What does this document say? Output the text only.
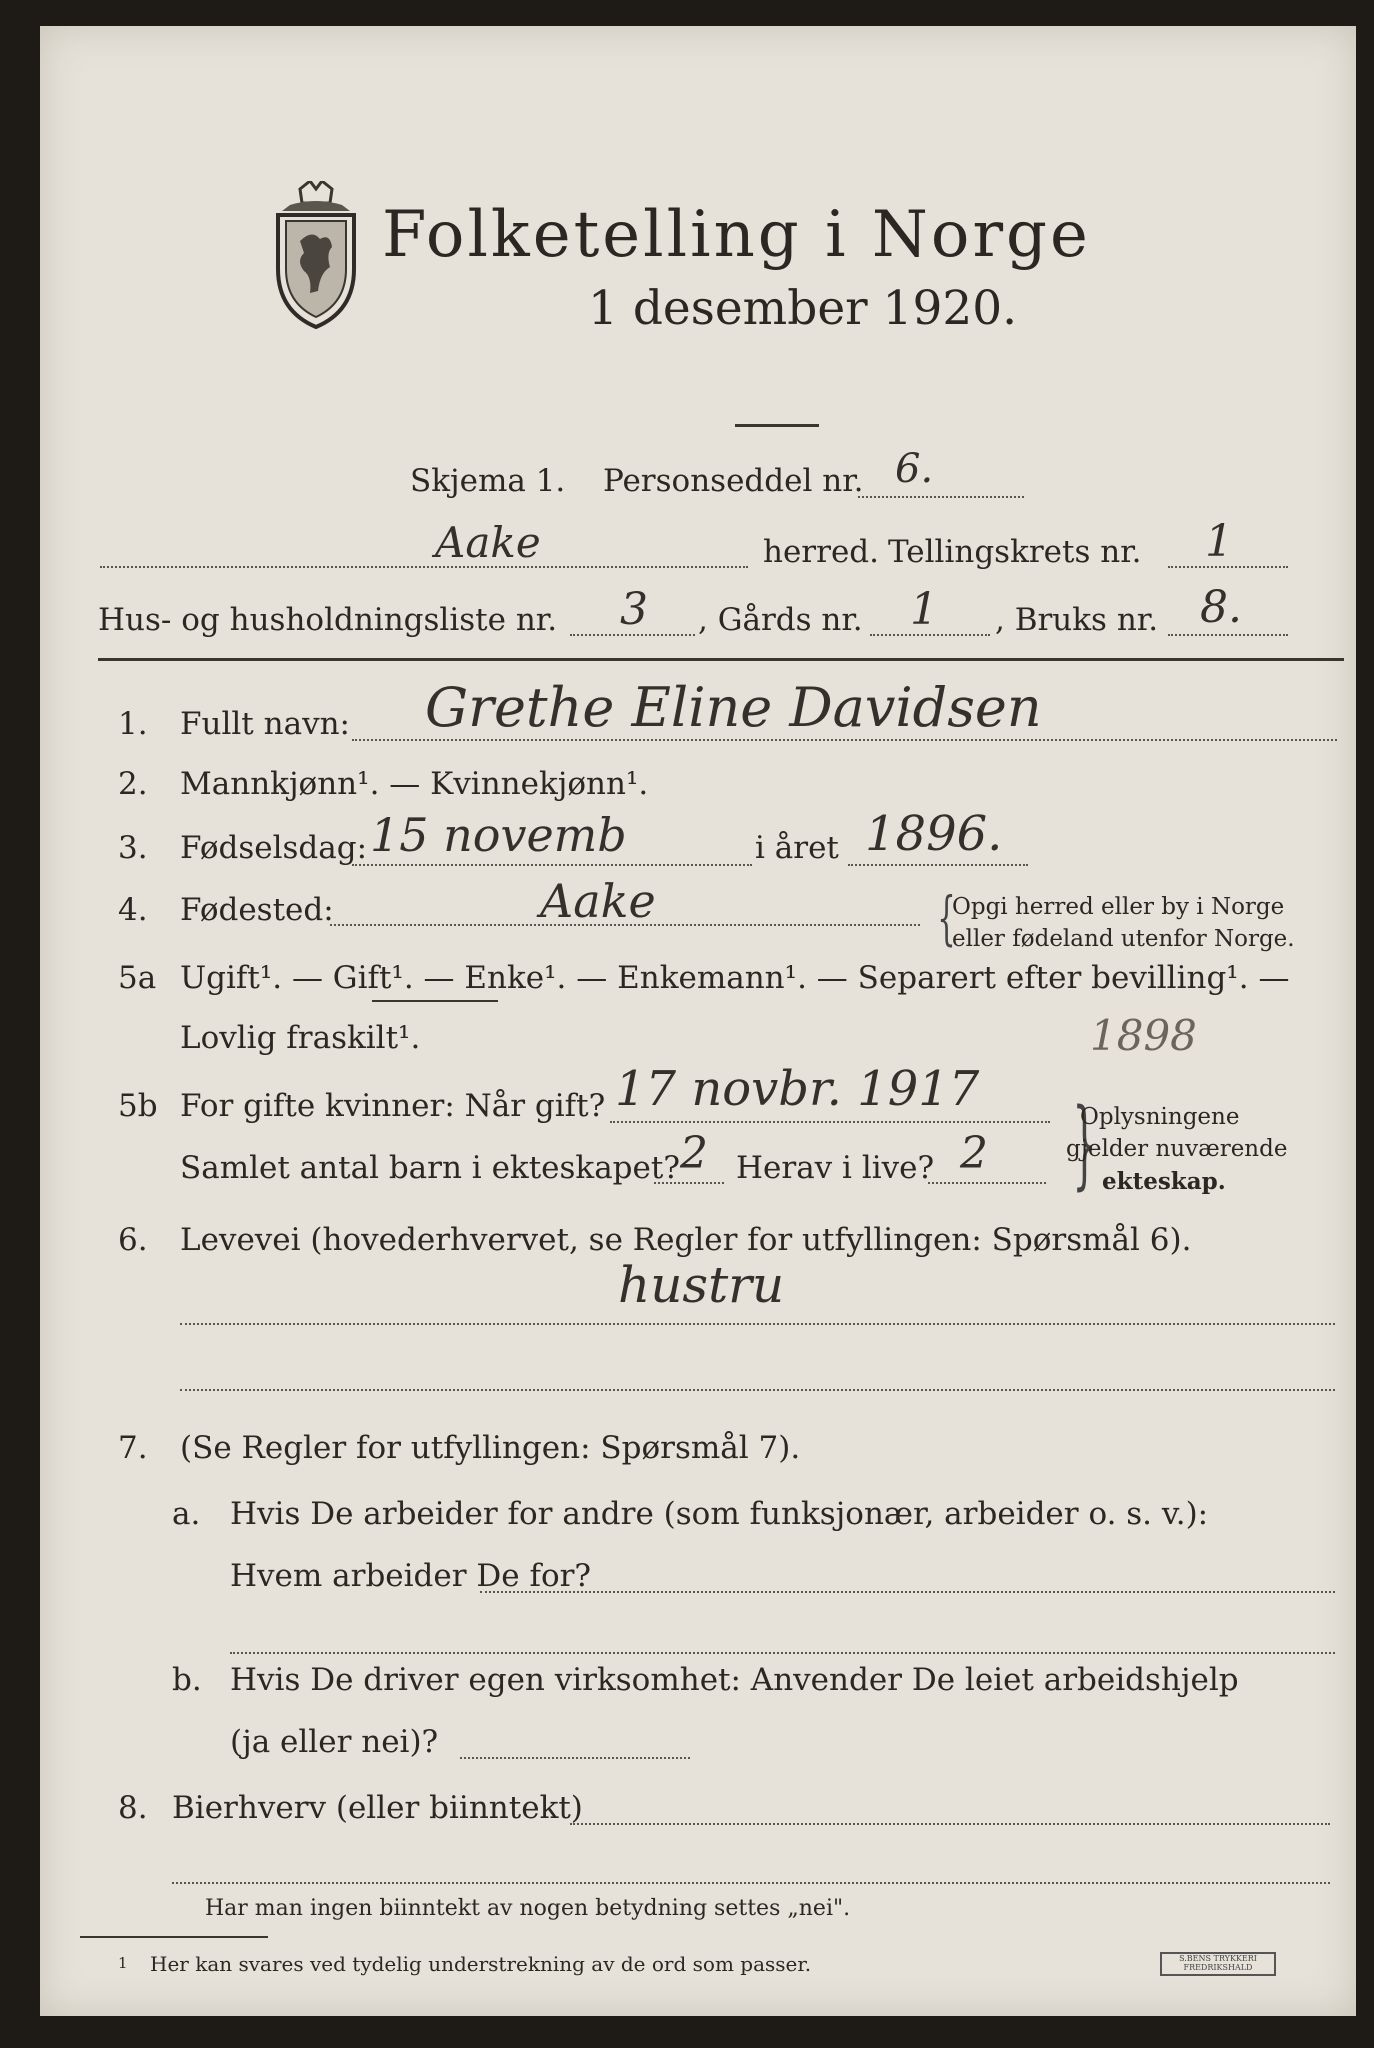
Folketelling i Norge
1 desember 1920.
Skjema 1. Personseddel nr. 6.
Aake	herred. Tellingskrets nr. 1
Hus- og husholdningsliste nr. 3 , Gårds nr. 1 , Bruks nr. 8.
1. Fullt navn: Grethe Eline Davidsen
2. Mannkjønn¹. — Kvinnekjønn¹.
3. Fødselsdag: 15 novemb	i året 1896.
4. Fødested:	Aake	{
Opgi herred eller by i Norge
eller fødeland utenfor Norge.
5a Ugift¹. — Gift¹. — Enke¹. — Enkemann¹. — Separert efter bevilling¹. —
Lovlig fraskilt¹.	1898
5b For gifte kvinner: Når gift? 17 novbr. 1917
Samlet antal barn i ekteskapet? 2 Herav i live? 2 }
Oplysningene
gjelder nuværende
ekteskap.
6. Levevei (hovederhvervet, se Regler for utfyllingen: Spørsmål 6).
hustru
7. (Se Regler for utfyllingen: Spørsmål 7).
a. Hvis De arbeider for andre (som funksjonær, arbeider o. s. v.):
Hvem arbeider De for?
b. Hvis De driver egen virksomhet: Anvender De leiet arbeidshjelp
(ja eller nei)?
8. Bierhverv (eller biinntekt)
Har man ingen biinntekt av nogen betydning settes „nei".
1 Her kan svares ved tydelig understrekning av de ord som passer.	S.BENS TRYKKERI FREDRIKSHALD
